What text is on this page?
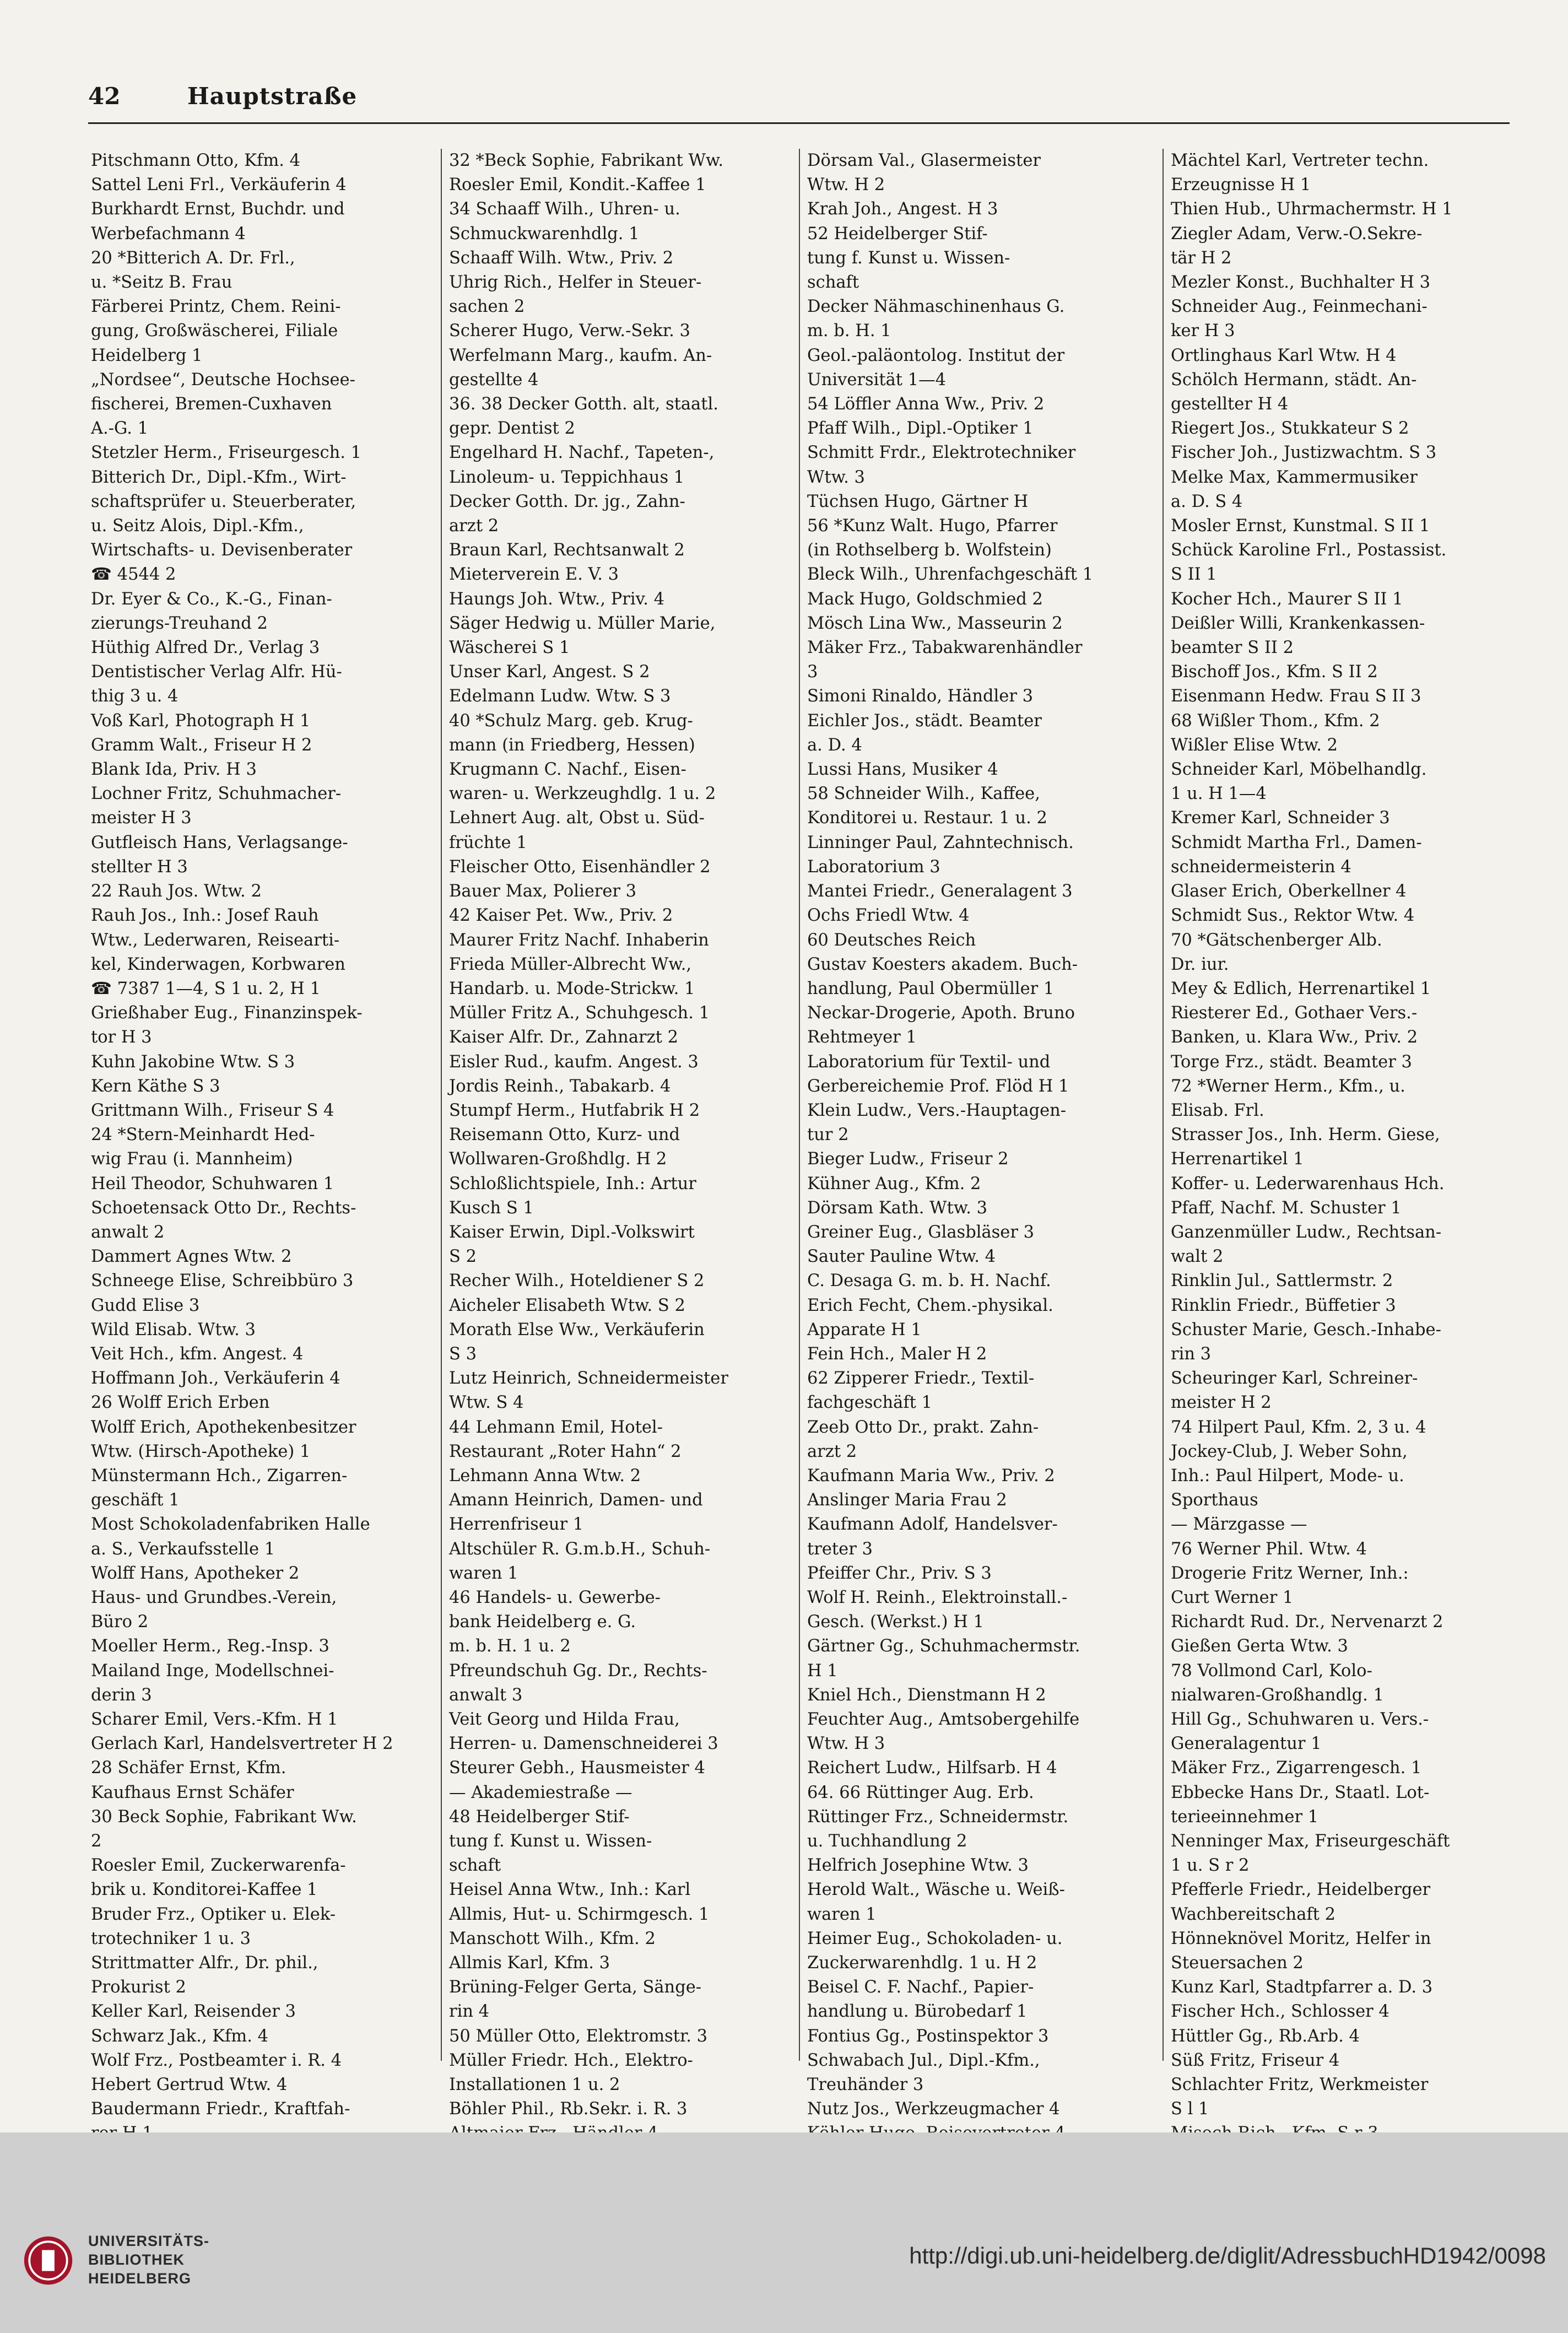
42	Hauptstraße
Pitschmann Otto, Kfm. 4
Sattel Leni Frl., Verkäuferin 4
Burkhardt Ernst, Buchdr. und
Werbefachmann 4
20 *Bitterich A. Dr. Frl.,
u. *Seitz B. Frau
Färberei Printz, Chem. Reini-
gung, Großwäscherei, Filiale
Heidelberg 1
„Nordsee“, Deutsche Hochsee-
fischerei, Bremen-Cuxhaven
A.-G. 1
Stetzler Herm., Friseurgesch. 1
Bitterich Dr., Dipl.-Kfm., Wirt-
schaftsprüfer u. Steuerberater,
u. Seitz Alois, Dipl.-Kfm.,
Wirtschafts- u. Devisenberater
☎ 4544 2
Dr. Eyer & Co., K.-G., Finan-
zierungs-Treuhand 2
Hüthig Alfred Dr., Verlag 3
Dentistischer Verlag Alfr. Hü-
thig 3 u. 4
Voß Karl, Photograph H 1
Gramm Walt., Friseur H 2
Blank Ida, Priv. H 3
Lochner Fritz, Schuhmacher-
meister H 3
Gutfleisch Hans, Verlagsange-
stellter H 3
22 Rauh Jos. Wtw. 2
Rauh Jos., Inh.: Josef Rauh
Wtw., Lederwaren, Reisearti-
kel, Kinderwagen, Korbwaren
☎ 7387 1—4, S 1 u. 2, H 1
Grießhaber Eug., Finanzinspek-
tor H 3
Kuhn Jakobine Wtw. S 3
Kern Käthe S 3
Grittmann Wilh., Friseur S 4
24 *Stern-Meinhardt Hed-
wig Frau (i. Mannheim)
Heil Theodor, Schuhwaren 1
Schoetensack Otto Dr., Rechts-
anwalt 2
Dammert Agnes Wtw. 2
Schneege Elise, Schreibbüro 3
Gudd Elise 3
Wild Elisab. Wtw. 3
Veit Hch., kfm. Angest. 4
Hoffmann Joh., Verkäuferin 4
26 Wolff Erich Erben
Wolff Erich, Apothekenbesitzer
Wtw. (Hirsch-Apotheke) 1
Münstermann Hch., Zigarren-
geschäft 1
Most Schokoladenfabriken Halle
a. S., Verkaufsstelle 1
Wolff Hans, Apotheker 2
Haus- und Grundbes.-Verein,
Büro 2
Moeller Herm., Reg.-Insp. 3
Mailand Inge, Modellschnei-
derin 3
Scharer Emil, Vers.-Kfm. H 1
Gerlach Karl, Handelsvertreter H 2
28 Schäfer Ernst, Kfm.
Kaufhaus Ernst Schäfer
30 Beck Sophie, Fabrikant Ww.
2
Roesler Emil, Zuckerwarenfa-
brik u. Konditorei-Kaffee 1
Bruder Frz., Optiker u. Elek-
trotechniker 1 u. 3
Strittmatter Alfr., Dr. phil.,
Prokurist 2
Keller Karl, Reisender 3
Schwarz Jak., Kfm. 4
Wolf Frz., Postbeamter i. R. 4
Hebert Gertrud Wtw. 4
Baudermann Friedr., Kraftfah-
32 *Beck Sophie, Fabrikant Ww.
Roesler Emil, Kondit.-Kaffee 1
34 Schaaff Wilh., Uhren- u.
Schmuckwarenhdlg. 1
Schaaff Wilh. Wtw., Priv. 2
Uhrig Rich., Helfer in Steuer-
sachen 2
Scherer Hugo, Verw.-Sekr. 3
Werfelmann Marg., kaufm. An-
gestellte 4
36. 38 Decker Gotth. alt, staatl.
gepr. Dentist 2
Engelhard H. Nachf., Tapeten-,
Linoleum- u. Teppichhaus 1
Decker Gotth. Dr. jg., Zahn-
arzt 2
Braun Karl, Rechtsanwalt 2
Mieterverein E. V. 3
Haungs Joh. Wtw., Priv. 4
Säger Hedwig u. Müller Marie,
Wäscherei S 1
Unser Karl, Angest. S 2
Edelmann Ludw. Wtw. S 3
40 *Schulz Marg. geb. Krug-
mann (in Friedberg, Hessen)
Krugmann C. Nachf., Eisen-
waren- u. Werkzeughdlg. 1 u. 2
Lehnert Aug. alt, Obst u. Süd-
früchte 1
Fleischer Otto, Eisenhändler 2
Bauer Max, Polierer 3
42 Kaiser Pet. Ww., Priv. 2
Maurer Fritz Nachf. Inhaberin
Frieda Müller-Albrecht Ww.,
Handarb. u. Mode-Strickw. 1
Müller Fritz A., Schuhgesch. 1
Kaiser Alfr. Dr., Zahnarzt 2
Eisler Rud., kaufm. Angest. 3
Jordis Reinh., Tabakarb. 4
Stumpf Herm., Hutfabrik H 2
Reisemann Otto, Kurz- und
Wollwaren-Großhdlg. H 2
Schloßlichtspiele, Inh.: Artur
Kusch S 1
Kaiser Erwin, Dipl.-Volkswirt
S 2
Recher Wilh., Hoteldiener S 2
Aicheler Elisabeth Wtw. S 2
Morath Else Ww., Verkäuferin
S 3
Lutz Heinrich, Schneidermeister
Wtw. S 4
44 Lehmann Emil, Hotel-
Restaurant „Roter Hahn“ 2
Lehmann Anna Wtw. 2
Amann Heinrich, Damen- und
Herrenfriseur 1
Altschüler R. G.m.b.H., Schuh-
waren 1
46 Handels- u. Gewerbe-
bank Heidelberg e. G.
m. b. H. 1 u. 2
Pfreundschuh Gg. Dr., Rechts-
anwalt 3
Veit Georg und Hilda Frau,
Herren- u. Damenschneiderei 3
Steurer Gebh., Hausmeister 4
— Akademiestraße —
48 Heidelberger Stif-
tung f. Kunst u. Wissen-
schaft
Heisel Anna Wtw., Inh.: Karl
Allmis, Hut- u. Schirmgesch. 1
Manschott Wilh., Kfm. 2
Allmis Karl, Kfm. 3
Brüning-Felger Gerta, Sänge-
rin 4
50 Müller Otto, Elektromstr. 3
Müller Friedr. Hch., Elektro-
Installationen 1 u. 2
Böhler Phil., Rb.Sekr. i. R. 3
Dörsam Val., Glasermeister
Wtw. H 2
Krah Joh., Angest. H 3
52 Heidelberger Stif-
tung f. Kunst u. Wissen-
schaft
Decker Nähmaschinenhaus G.
m. b. H. 1
Geol.-paläontolog. Institut der
Universität 1—4
54 Löffler Anna Ww., Priv. 2
Pfaff Wilh., Dipl.-Optiker 1
Schmitt Frdr., Elektrotechniker
Wtw. 3
Tüchsen Hugo, Gärtner H
56 *Kunz Walt. Hugo, Pfarrer
(in Rothselberg b. Wolfstein)
Bleck Wilh., Uhrenfachgeschäft 1
Mack Hugo, Goldschmied 2
Mösch Lina Ww., Masseurin 2
Mäker Frz., Tabakwarenhändler
3
Simoni Rinaldo, Händler 3
Eichler Jos., städt. Beamter
a. D. 4
Lussi Hans, Musiker 4
58 Schneider Wilh., Kaffee,
Konditorei u. Restaur. 1 u. 2
Linninger Paul, Zahntechnisch.
Laboratorium 3
Mantei Friedr., Generalagent 3
Ochs Friedl Wtw. 4
60 Deutsches Reich
Gustav Koesters akadem. Buch-
handlung, Paul Obermüller 1
Neckar-Drogerie, Apoth. Bruno
Rehtmeyer 1
Laboratorium für Textil- und
Gerbereichemie Prof. Flöd H 1
Klein Ludw., Vers.-Hauptagen-
tur 2
Bieger Ludw., Friseur 2
Kühner Aug., Kfm. 2
Dörsam Kath. Wtw. 3
Greiner Eug., Glasbläser 3
Sauter Pauline Wtw. 4
C. Desaga G. m. b. H. Nachf.
Erich Fecht, Chem.-physikal.
Apparate H 1
Fein Hch., Maler H 2
62 Zipperer Friedr., Textil-
fachgeschäft 1
Zeeb Otto Dr., prakt. Zahn-
arzt 2
Kaufmann Maria Ww., Priv. 2
Anslinger Maria Frau 2
Kaufmann Adolf, Handelsver-
treter 3
Pfeiffer Chr., Priv. S 3
Wolf H. Reinh., Elektroinstall.-
Gesch. (Werkst.) H 1
Gärtner Gg., Schuhmachermstr.
H 1
Kniel Hch., Dienstmann H 2
Feuchter Aug., Amtsobergehilfe
Wtw. H 3
Reichert Ludw., Hilfsarb. H 4
64. 66 Rüttinger Aug. Erb.
Rüttinger Frz., Schneidermstr.
u. Tuchhandlung 2
Helfrich Josephine Wtw. 3
Herold Walt., Wäsche u. Weiß-
waren 1
Heimer Eug., Schokoladen- u.
Zuckerwarenhdlg. 1 u. H 2
Beisel C. F. Nachf., Papier-
handlung u. Bürobedarf 1
Fontius Gg., Postinspektor 3
Schwabach Jul., Dipl.-Kfm.,
Treuhänder 3
Nutz Jos., Werkzeugmacher 4
Mächtel Karl, Vertreter techn.
Erzeugnisse H 1
Thien Hub., Uhrmachermstr. H 1
Ziegler Adam, Verw.-O.Sekre-
tär H 2
Mezler Konst., Buchhalter H 3
Schneider Aug., Feinmechani-
ker H 3
Ortlinghaus Karl Wtw. H 4
Schölch Hermann, städt. An-
gestellter H 4
Riegert Jos., Stukkateur S 2
Fischer Joh., Justizwachtm. S 3
Melke Max, Kammermusiker
a. D. S 4
Mosler Ernst, Kunstmal. S II 1
Schück Karoline Frl., Postassist.
S II 1
Kocher Hch., Maurer S II 1
Deißler Willi, Krankenkassen-
beamter S II 2
Bischoff Jos., Kfm. S II 2
Eisenmann Hedw. Frau S II 3
68 Wißler Thom., Kfm. 2
Wißler Elise Wtw. 2
Schneider Karl, Möbelhandlg.
1 u. H 1—4
Kremer Karl, Schneider 3
Schmidt Martha Frl., Damen-
schneidermeisterin 4
Glaser Erich, Oberkellner 4
Schmidt Sus., Rektor Wtw. 4
70 *Gätschenberger Alb.
Dr. iur.
Mey & Edlich, Herrenartikel 1
Riesterer Ed., Gothaer Vers.-
Banken, u. Klara Ww., Priv. 2
Torge Frz., städt. Beamter 3
72 *Werner Herm., Kfm., u.
Elisab. Frl.
Strasser Jos., Inh. Herm. Giese,
Herrenartikel 1
Koffer- u. Lederwarenhaus Hch.
Pfaff, Nachf. M. Schuster 1
Ganzenmüller Ludw., Rechtsan-
walt 2
Rinklin Jul., Sattlermstr. 2
Rinklin Friedr., Büffetier 3
Schuster Marie, Gesch.-Inhabe-
rin 3
Scheuringer Karl, Schreiner-
meister H 2
74 Hilpert Paul, Kfm. 2, 3 u. 4
Jockey-Club, J. Weber Sohn,
Inh.: Paul Hilpert, Mode- u.
Sporthaus
— Märzgasse —
76 Werner Phil. Wtw. 4
Drogerie Fritz Werner, Inh.:
Curt Werner 1
Richardt Rud. Dr., Nervenarzt 2
Gießen Gerta Wtw. 3
78 Vollmond Carl, Kolo-
nialwaren-Großhandlg. 1
Hill Gg., Schuhwaren u. Vers.-
Generalagentur 1
Mäker Frz., Zigarrengesch. 1
Ebbecke Hans Dr., Staatl. Lot-
terieeinnehmer 1
Nenninger Max, Friseurgeschäft
1 u. S r 2
Pfefferle Friedr., Heidelberger
Wachbereitschaft 2
Hönneknövel Moritz, Helfer in
Steuersachen 2
Kunz Karl, Stadtpfarrer a. D. 3
Fischer Hch., Schlosser 4
Hüttler Gg., Rb.Arb. 4
Süß Fritz, Friseur 4
Schlachter Fritz, Werkmeister
S l 1
UNIVERSITÄTS-
BIBLIOTHEK
HEIDELBERG
http://digi.ub.uni-heidelberg.de/diglit/AdressbuchHD1942/0098
